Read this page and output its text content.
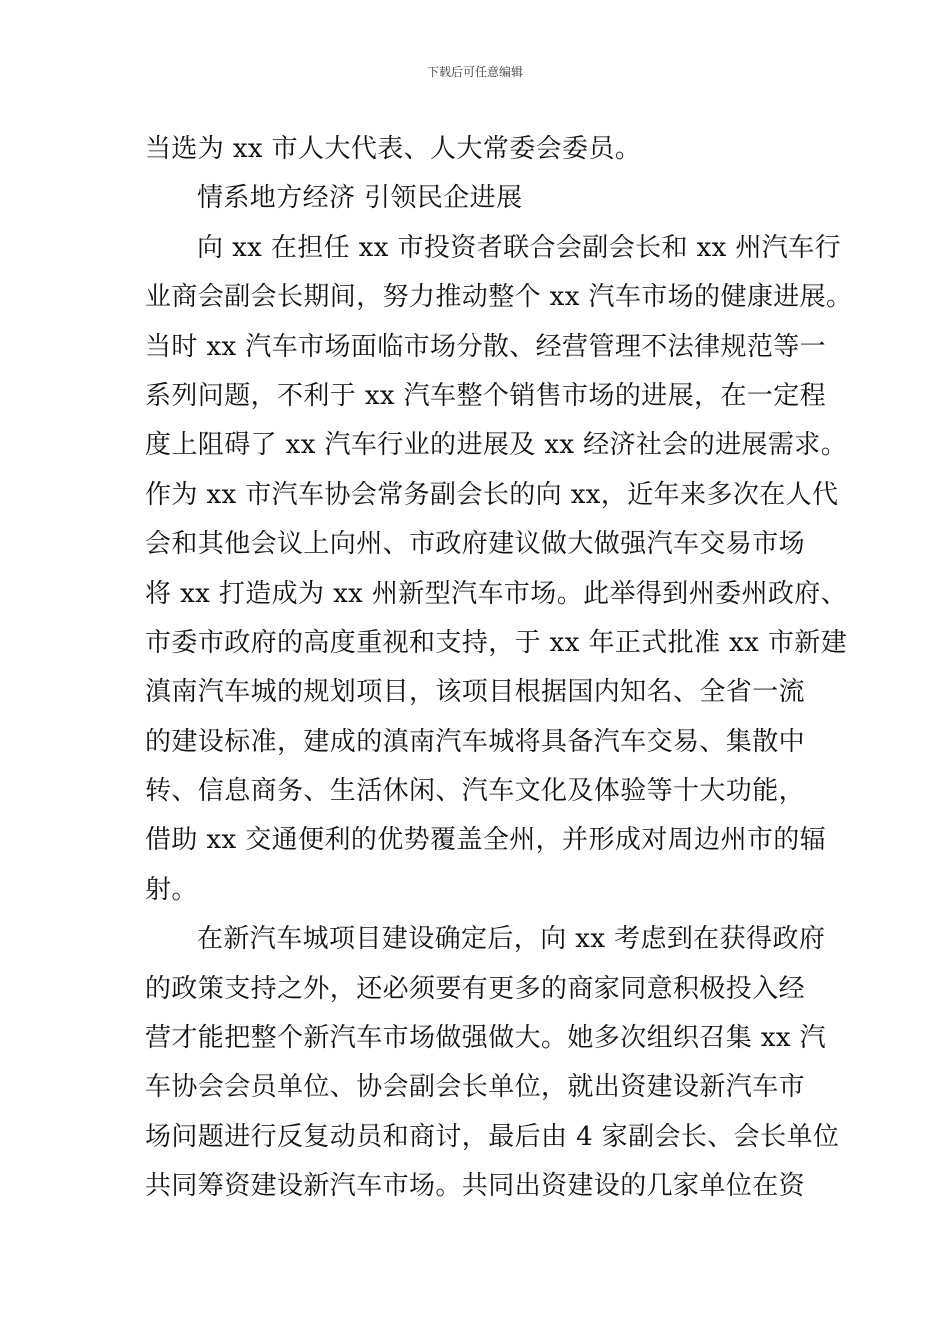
下载后可任意编辑
当选为 xx 市人大代表、人大常委会委员。
情系地方经济 引领民企进展
向 xx 在担任 xx 市投资者联合会副会长和 xx 州汽车行
业商会副会长期间，努力推动整个 xx 汽车市场的健康进展。
当时 xx 汽车市场面临市场分散、经营管理不法律规范等一
系列问题，不利于 xx 汽车整个销售市场的进展，在一定程
度上阻碍了 xx 汽车行业的进展及 xx 经济社会的进展需求。
作为 xx 市汽车协会常务副会长的向 xx，近年来多次在人代
会和其他会议上向州、市政府建议做大做强汽车交易市场
将 xx 打造成为 xx 州新型汽车市场。此举得到州委州政府、
市委市政府的高度重视和支持，于 xx 年正式批准 xx 市新建
滇南汽车城的规划项目，该项目根据国内知名、全省一流
的建设标准，建成的滇南汽车城将具备汽车交易、集散中
转、信息商务、生活休闲、汽车文化及体验等十大功能，
借助 xx 交通便利的优势覆盖全州，并形成对周边州市的辐
射。
在新汽车城项目建设确定后，向 xx 考虑到在获得政府
的政策支持之外，还必须要有更多的商家同意积极投入经
营才能把整个新汽车市场做强做大。她多次组织召集 xx 汽
车协会会员单位、协会副会长单位，就出资建设新汽车市
场问题进行反复动员和商讨，最后由 4 家副会长、会长单位
共同筹资建设新汽车市场。共同出资建设的几家单位在资
